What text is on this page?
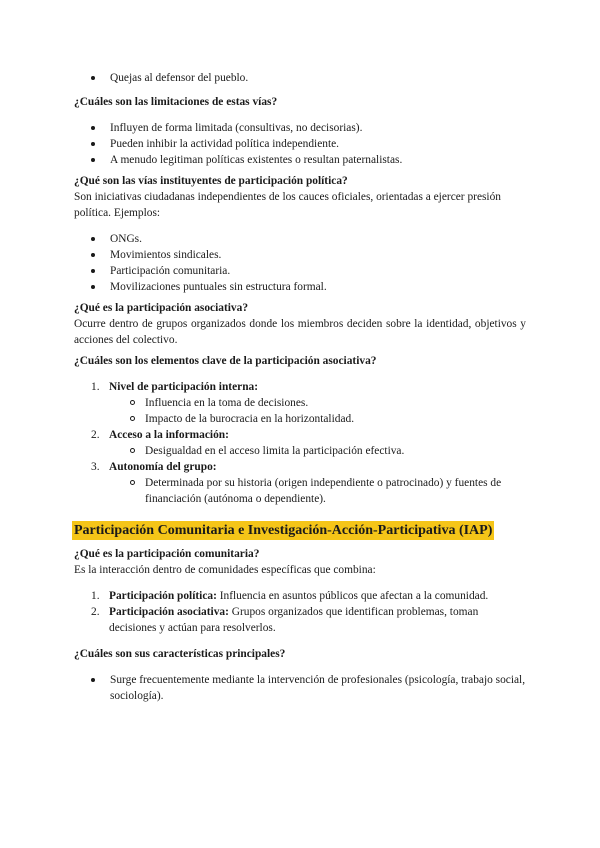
Quejas al defensor del pueblo.

¿Cuáles son las limitaciones de estas vías?

Influyen de forma limitada (consultivas, no decisorias).
Pueden inhibir la actividad política independiente.
A menudo legitiman políticas existentes o resultan paternalistas.

¿Qué son las vías instituyentes de participación política?

Son iniciativas ciudadanas independientes de los cauces oficiales, orientadas a ejercer presión política. Ejemplos:

ONGs.
Movimientos sindicales.
Participación comunitaria.
Movilizaciones puntuales sin estructura formal.

¿Qué es la participación asociativa?

Ocurre dentro de grupos organizados donde los miembros deciden sobre la identidad, objetivos y acciones del colectivo.

¿Cuáles son los elementos clave de la participación asociativa?

1. Nivel de participación interna:
Influencia en la toma de decisiones.
Impacto de la burocracia en la horizontalidad.
2. Acceso a la información:
Desigualdad en el acceso limita la participación efectiva.
3. Autonomía del grupo:
Determinada por su historia (origen independiente o patrocinado) y fuentes de financiación (autónoma o dependiente).
Participación Comunitaria e Investigación-Acción-Participativa (IAP)

¿Qué es la participación comunitaria?

Es la interacción dentro de comunidades específicas que combina:

1. Participación política: Influencia en asuntos públicos que afectan a la comunidad.
2. Participación asociativa: Grupos organizados que identifican problemas, toman decisiones y actúan para resolverlos.

¿Cuáles son sus características principales?

Surge frecuentemente mediante la intervención de profesionales (psicología, trabajo social, sociología).
